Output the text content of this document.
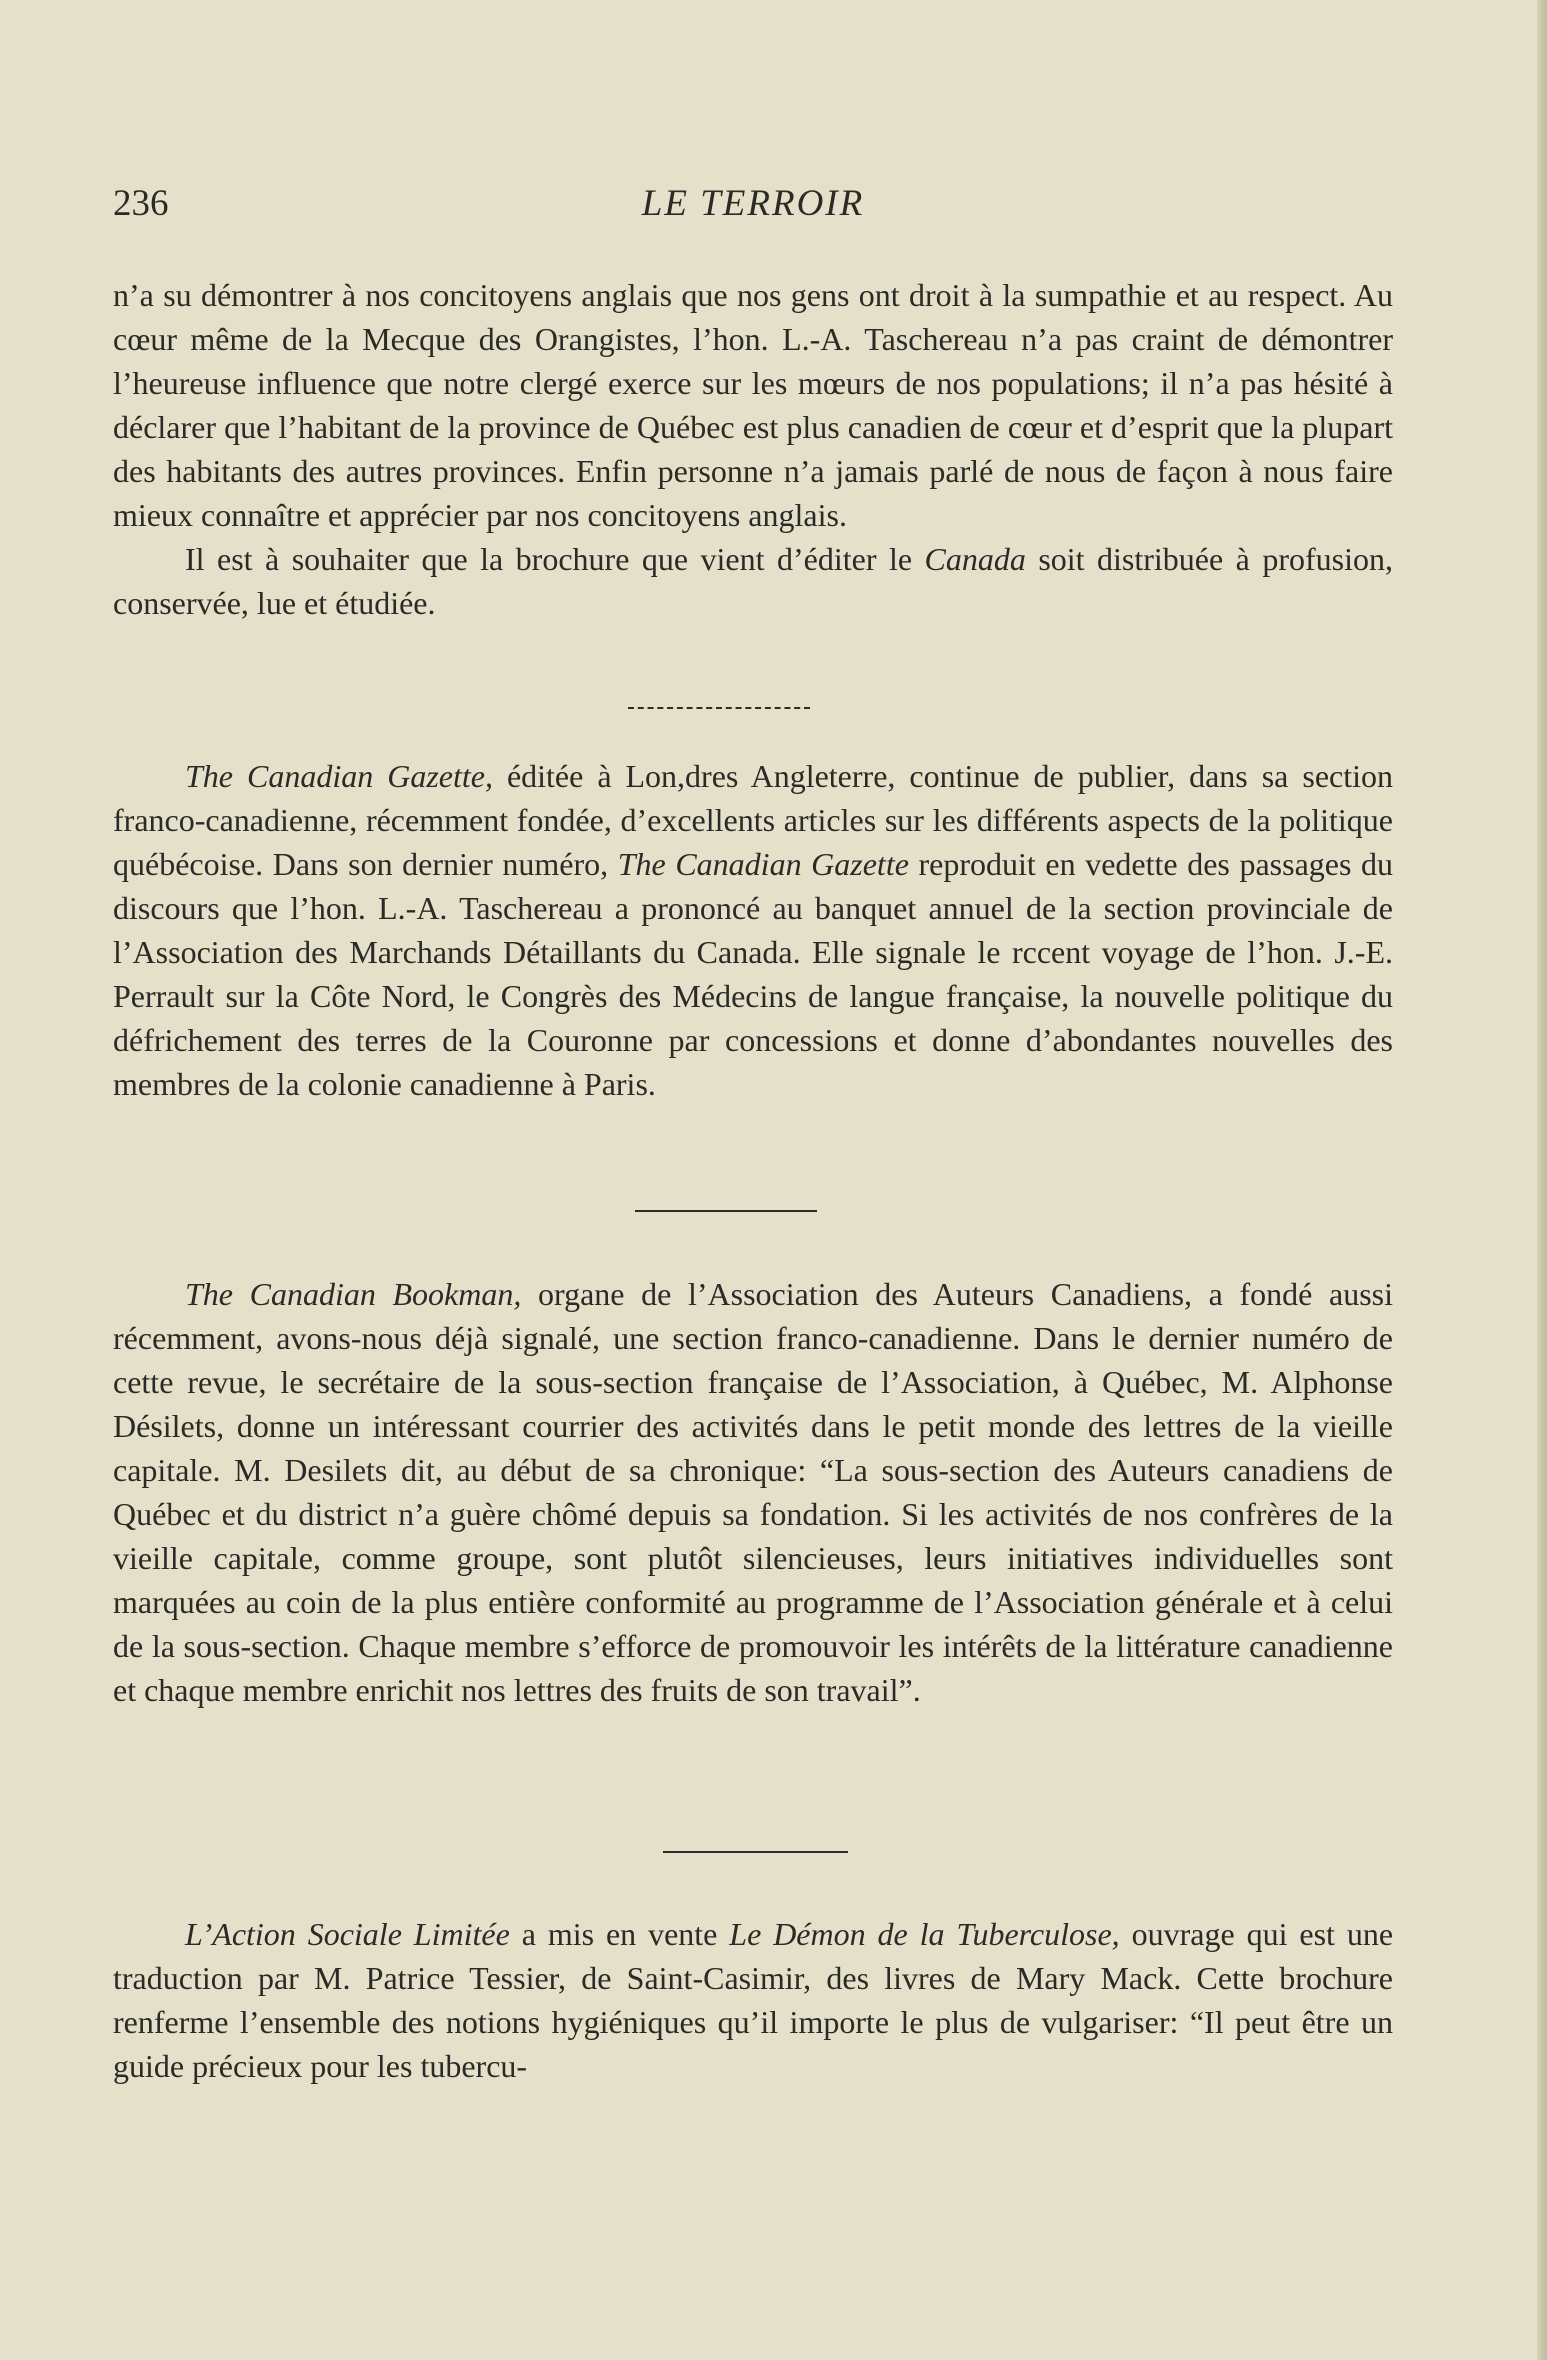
236	LE TERROIR

n’a su démontrer à nos concitoyens anglais que nos gens ont droit à la sumpathie et au respect. Au cœur même de la Mecque des Orangistes, l’hon. L.-A. Taschereau n’a pas craint de démontrer l’heureuse influence que notre clergé exerce sur les mœurs de nos populations; il n’a pas hésité à déclarer que l’habitant de la province de Québec est plus canadien de cœur et d’esprit que la plupart des habitants des autres provinces. Enfin personne n’a jamais parlé de nous de façon à nous faire mieux connaître et apprécier par nos concitoyens anglais.

Il est à souhaiter que la brochure que vient d’éditer le Canada soit distribuée à profusion, conservée, lue et étudiée.

The Canadian Gazette, éditée à Lon,dres Angleterre, continue de publier, dans sa section franco-canadienne, récemment fondée, d’excellents articles sur les différents aspects de la politique québécoise. Dans son dernier numéro, The Canadian Gazette reproduit en vedette des passages du discours que l’hon. L.-A. Taschereau a prononcé au banquet annuel de la section provinciale de l’Association des Marchands Détaillants du Canada. Elle signale le rccent voyage de l’hon. J.-E. Perrault sur la Côte Nord, le Congrès des Médecins de langue française, la nouvelle politique du défrichement des terres de la Couronne par concessions et donne d’abondantes nouvelles des membres de la colonie canadienne à Paris.

The Canadian Bookman, organe de l’Association des Auteurs Canadiens, a fondé aussi récemment, avons-nous déjà signalé, une section franco-canadienne. Dans le dernier numéro de cette revue, le secrétaire de la sous-section française de l’Association, à Québec, M. Alphonse Désilets, donne un intéressant courrier des activités dans le petit monde des lettres de la vieille capitale. M. Desilets dit, au début de sa chronique: “La sous-section des Auteurs canadiens de Québec et du district n’a guère chômé depuis sa fondation. Si les activités de nos confrères de la vieille capitale, comme groupe, sont plutôt silencieuses, leurs initiatives individuelles sont marquées au coin de la plus entière conformité au programme de l’Association générale et à celui de la sous-section. Chaque membre s’efforce de promouvoir les intérêts de la littérature canadienne et chaque membre enrichit nos lettres des fruits de son travail”.

L’Action Sociale Limitée a mis en vente Le Démon de la Tuberculose, ouvrage qui est une traduction par M. Patrice Tessier, de Saint-Casimir, des livres de Mary Mack. Cette brochure renferme l’ensemble des notions hygiéniques qu’il importe le plus de vulgariser: “Il peut être un guide précieux pour les tubercu-
